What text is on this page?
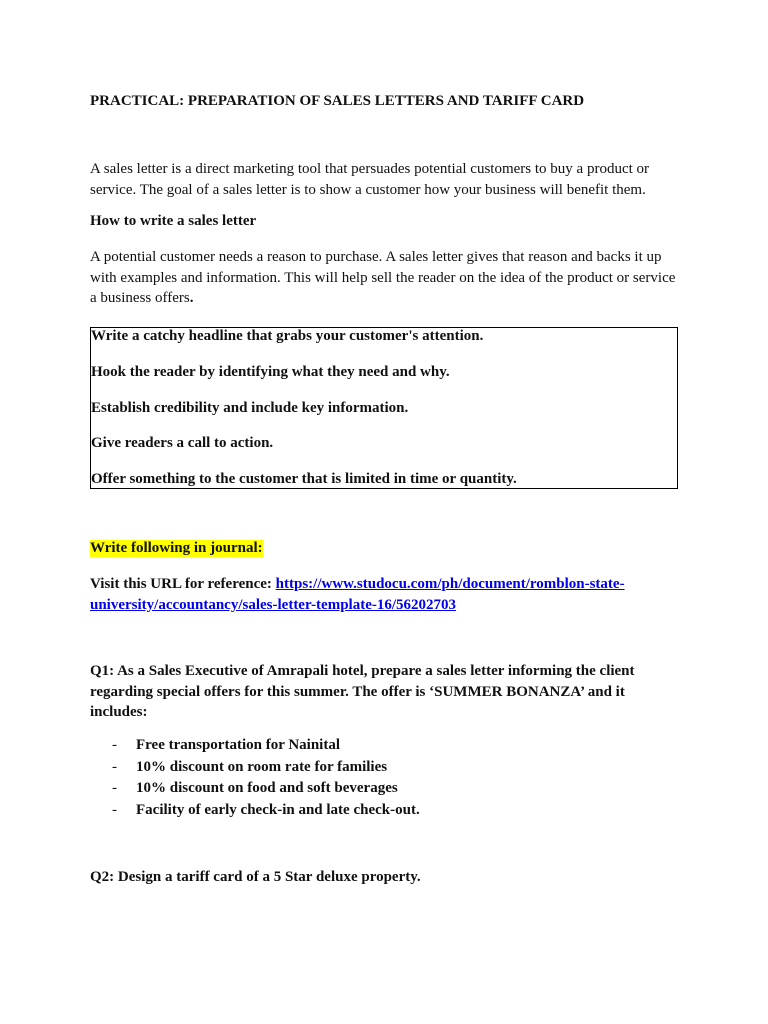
PRACTICAL: PREPARATION OF SALES LETTERS AND TARIFF CARD
A sales letter is a direct marketing tool that persuades potential customers to buy a product or service. The goal of a sales letter is to show a customer how your business will benefit them.
How to write a sales letter
A potential customer needs a reason to purchase. A sales letter gives that reason and backs it up with examples and information. This will help sell the reader on the idea of the product or service a business offers.
Write a catchy headline that grabs your customer's attention.
Hook the reader by identifying what they need and why.
Establish credibility and include key information.
Give readers a call to action.
Offer something to the customer that is limited in time or quantity.
Write following in journal:
Visit this URL for reference: https://www.studocu.com/ph/document/romblon-state-university/accountancy/sales-letter-template-16/56202703
Q1: As a Sales Executive of Amrapali hotel, prepare a sales letter informing the client regarding special offers for this summer. The offer is ‘SUMMER BONANZA’ and it includes:
- Free transportation for Nainital
- 10% discount on room rate for families
- 10% discount on food and soft beverages
- Facility of early check-in and late check-out.
Q2: Design a tariff card of a 5 Star deluxe property.
